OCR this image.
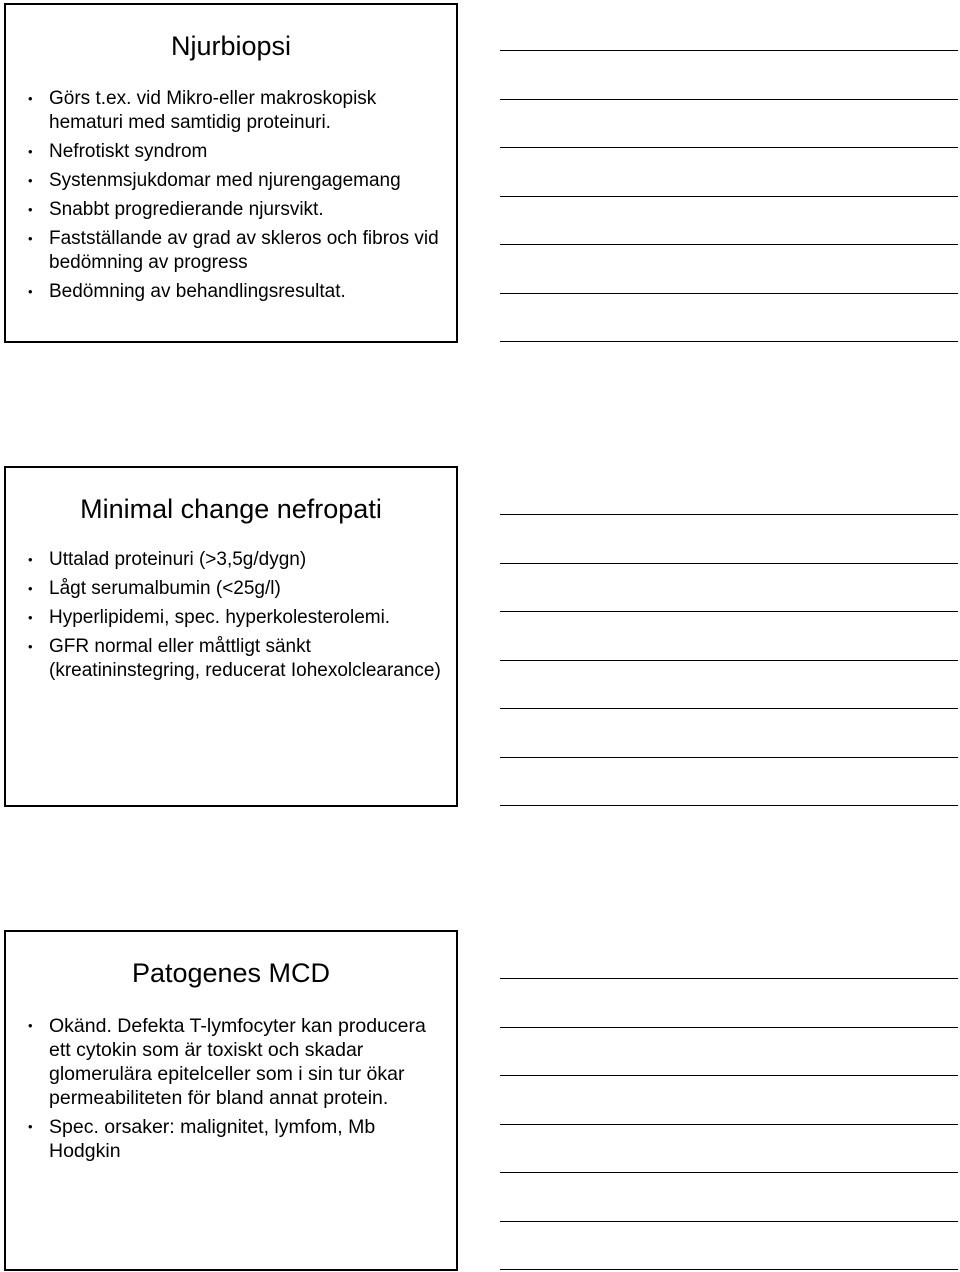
Njurbiopsi
• Görs t.ex. vid Mikro-eller makroskopisk hematuri med samtidig proteinuri.
• Nefrotiskt syndrom
• Systenmsjukdomar med njurengagemang
• Snabbt progredierande njursvikt.
• Fastställande av grad av skleros och fibros vid bedömning av progress
• Bedömning av behandlingsresultat.
Minimal change nefropati
• Uttalad proteinuri (>3,5g/dygn)
• Lågt serumalbumin (<25g/l)
• Hyperlipidemi, spec. hyperkolesterolemi.
• GFR normal eller måttligt sänkt (kreatininstegring, reducerat Iohexolclearance)
Patogenes MCD
• Okänd. Defekta T-lymfocyter kan producera ett cytokin som är toxiskt och skadar glomerulära epitelceller som i sin tur ökar permeabiliteten för bland annat protein.
• Spec. orsaker: malignitet, lymfom, Mb Hodgkin
